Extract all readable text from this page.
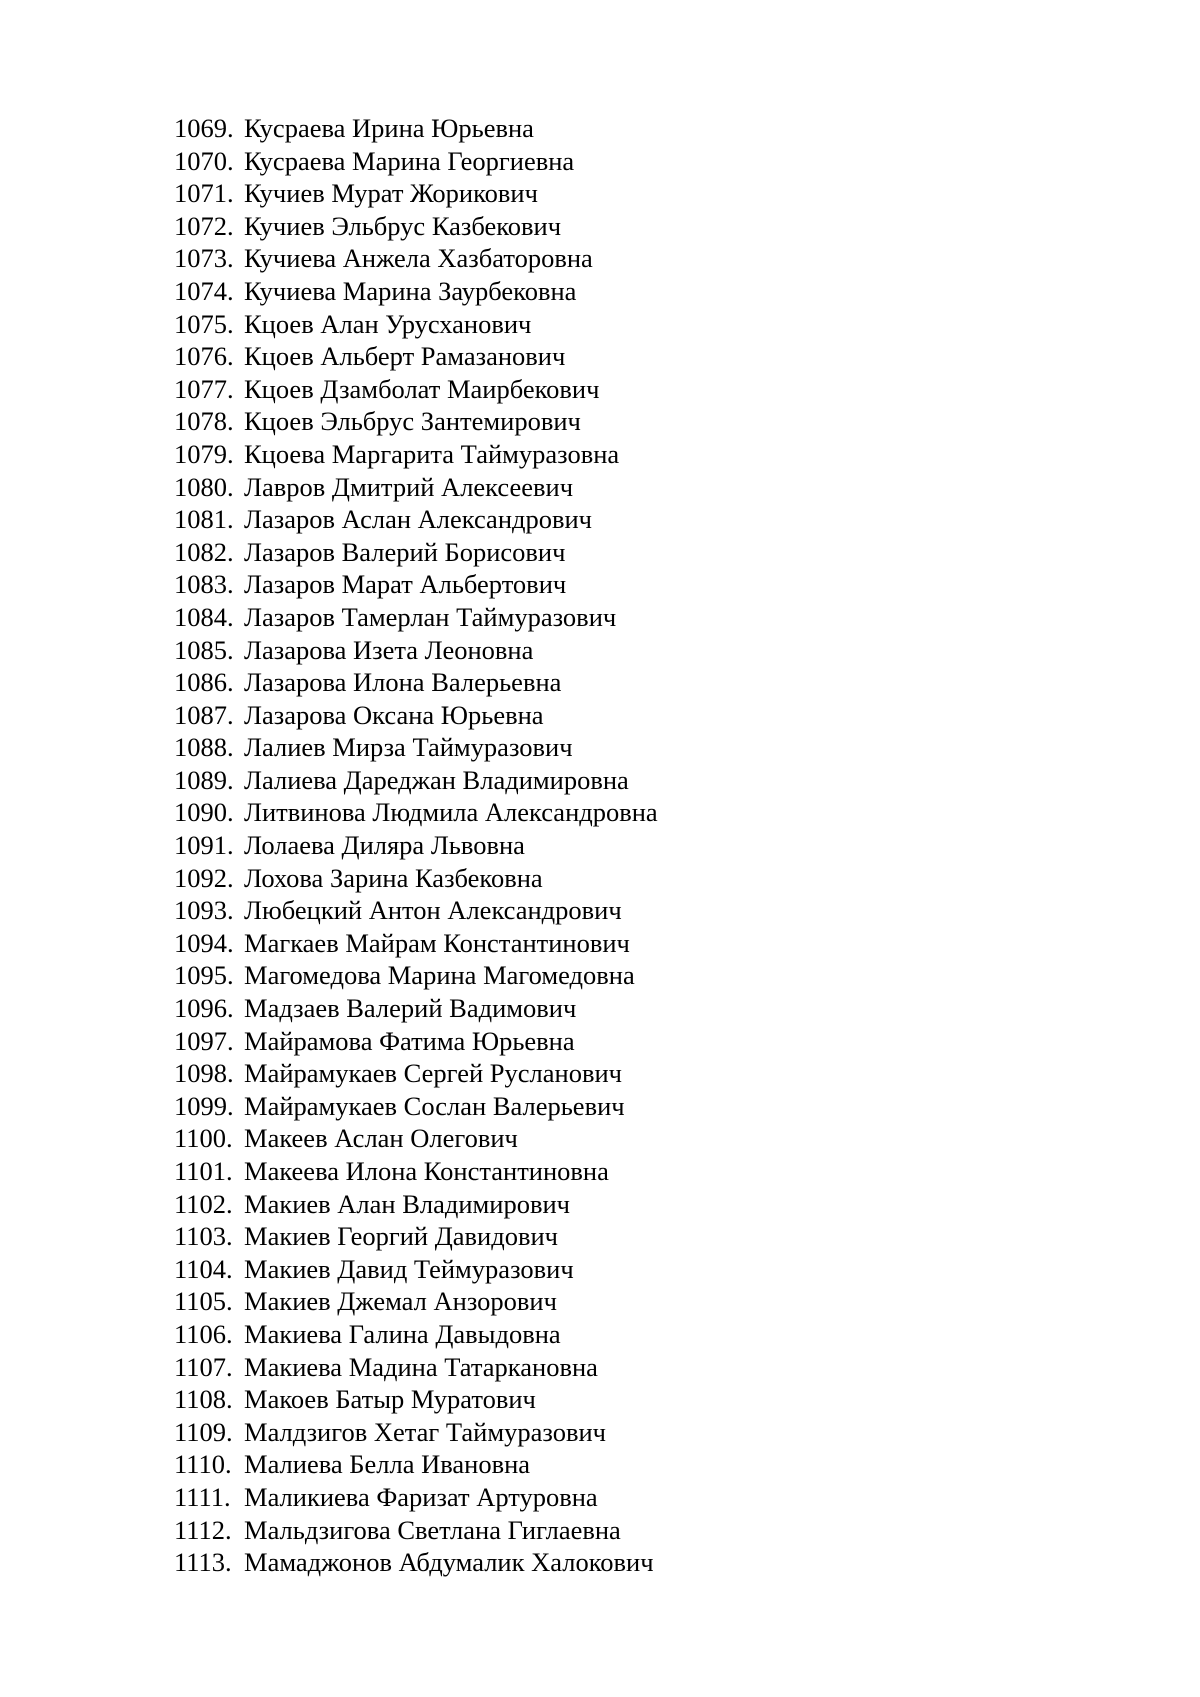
1069. Кусраева Ирина Юрьевна
1070. Кусраева Марина Георгиевна
1071. Кучиев Мурат Жорикович
1072. Кучиев Эльбрус Казбекович
1073. Кучиева Анжела Хазбаторовна
1074. Кучиева Марина Заурбековна
1075. Кцоев Алан Урусханович
1076. Кцоев Альберт Рамазанович
1077. Кцоев Дзамболат Маирбекович
1078. Кцоев Эльбрус Зантемирович
1079. Кцоева Маргарита Таймуразовна
1080. Лавров Дмитрий Алексеевич
1081. Лазаров Аслан Александрович
1082. Лазаров Валерий Борисович
1083. Лазаров Марат Альбертович
1084. Лазаров Тамерлан Таймуразович
1085. Лазарова Изета Леоновна
1086. Лазарова Илона Валерьевна
1087. Лазарова Оксана Юрьевна
1088. Лалиев Мирза Таймуразович
1089. Лалиева Дареджан Владимировна
1090. Литвинова Людмила Александровна
1091. Лолаева Диляра Львовна
1092. Лохова Зарина Казбековна
1093. Любецкий Антон Александрович
1094. Магкаев Майрам Константинович
1095. Магомедова Марина Магомедовна
1096. Мадзаев Валерий Вадимович
1097. Майрамова Фатима Юрьевна
1098. Майрамукаев Сергей Русланович
1099. Майрамукаев Сослан Валерьевич
1100. Макеев Аслан Олегович
1101. Макеева Илона Константиновна
1102. Макиев Алан Владимирович
1103. Макиев Георгий Давидович
1104. Макиев Давид Теймуразович
1105. Макиев Джемал Анзорович
1106. Макиева Галина Давыдовна
1107. Макиева Мадина Татаркановна
1108. Макоев Батыр Муратович
1109. Малдзигов Хетаг Таймуразович
1110. Малиева Белла Ивановна
1111. Маликиева Фаризат Артуровна
1112. Мальдзигова Светлана Гиглаевна
1113. Мамаджонов Абдумалик Халокович
